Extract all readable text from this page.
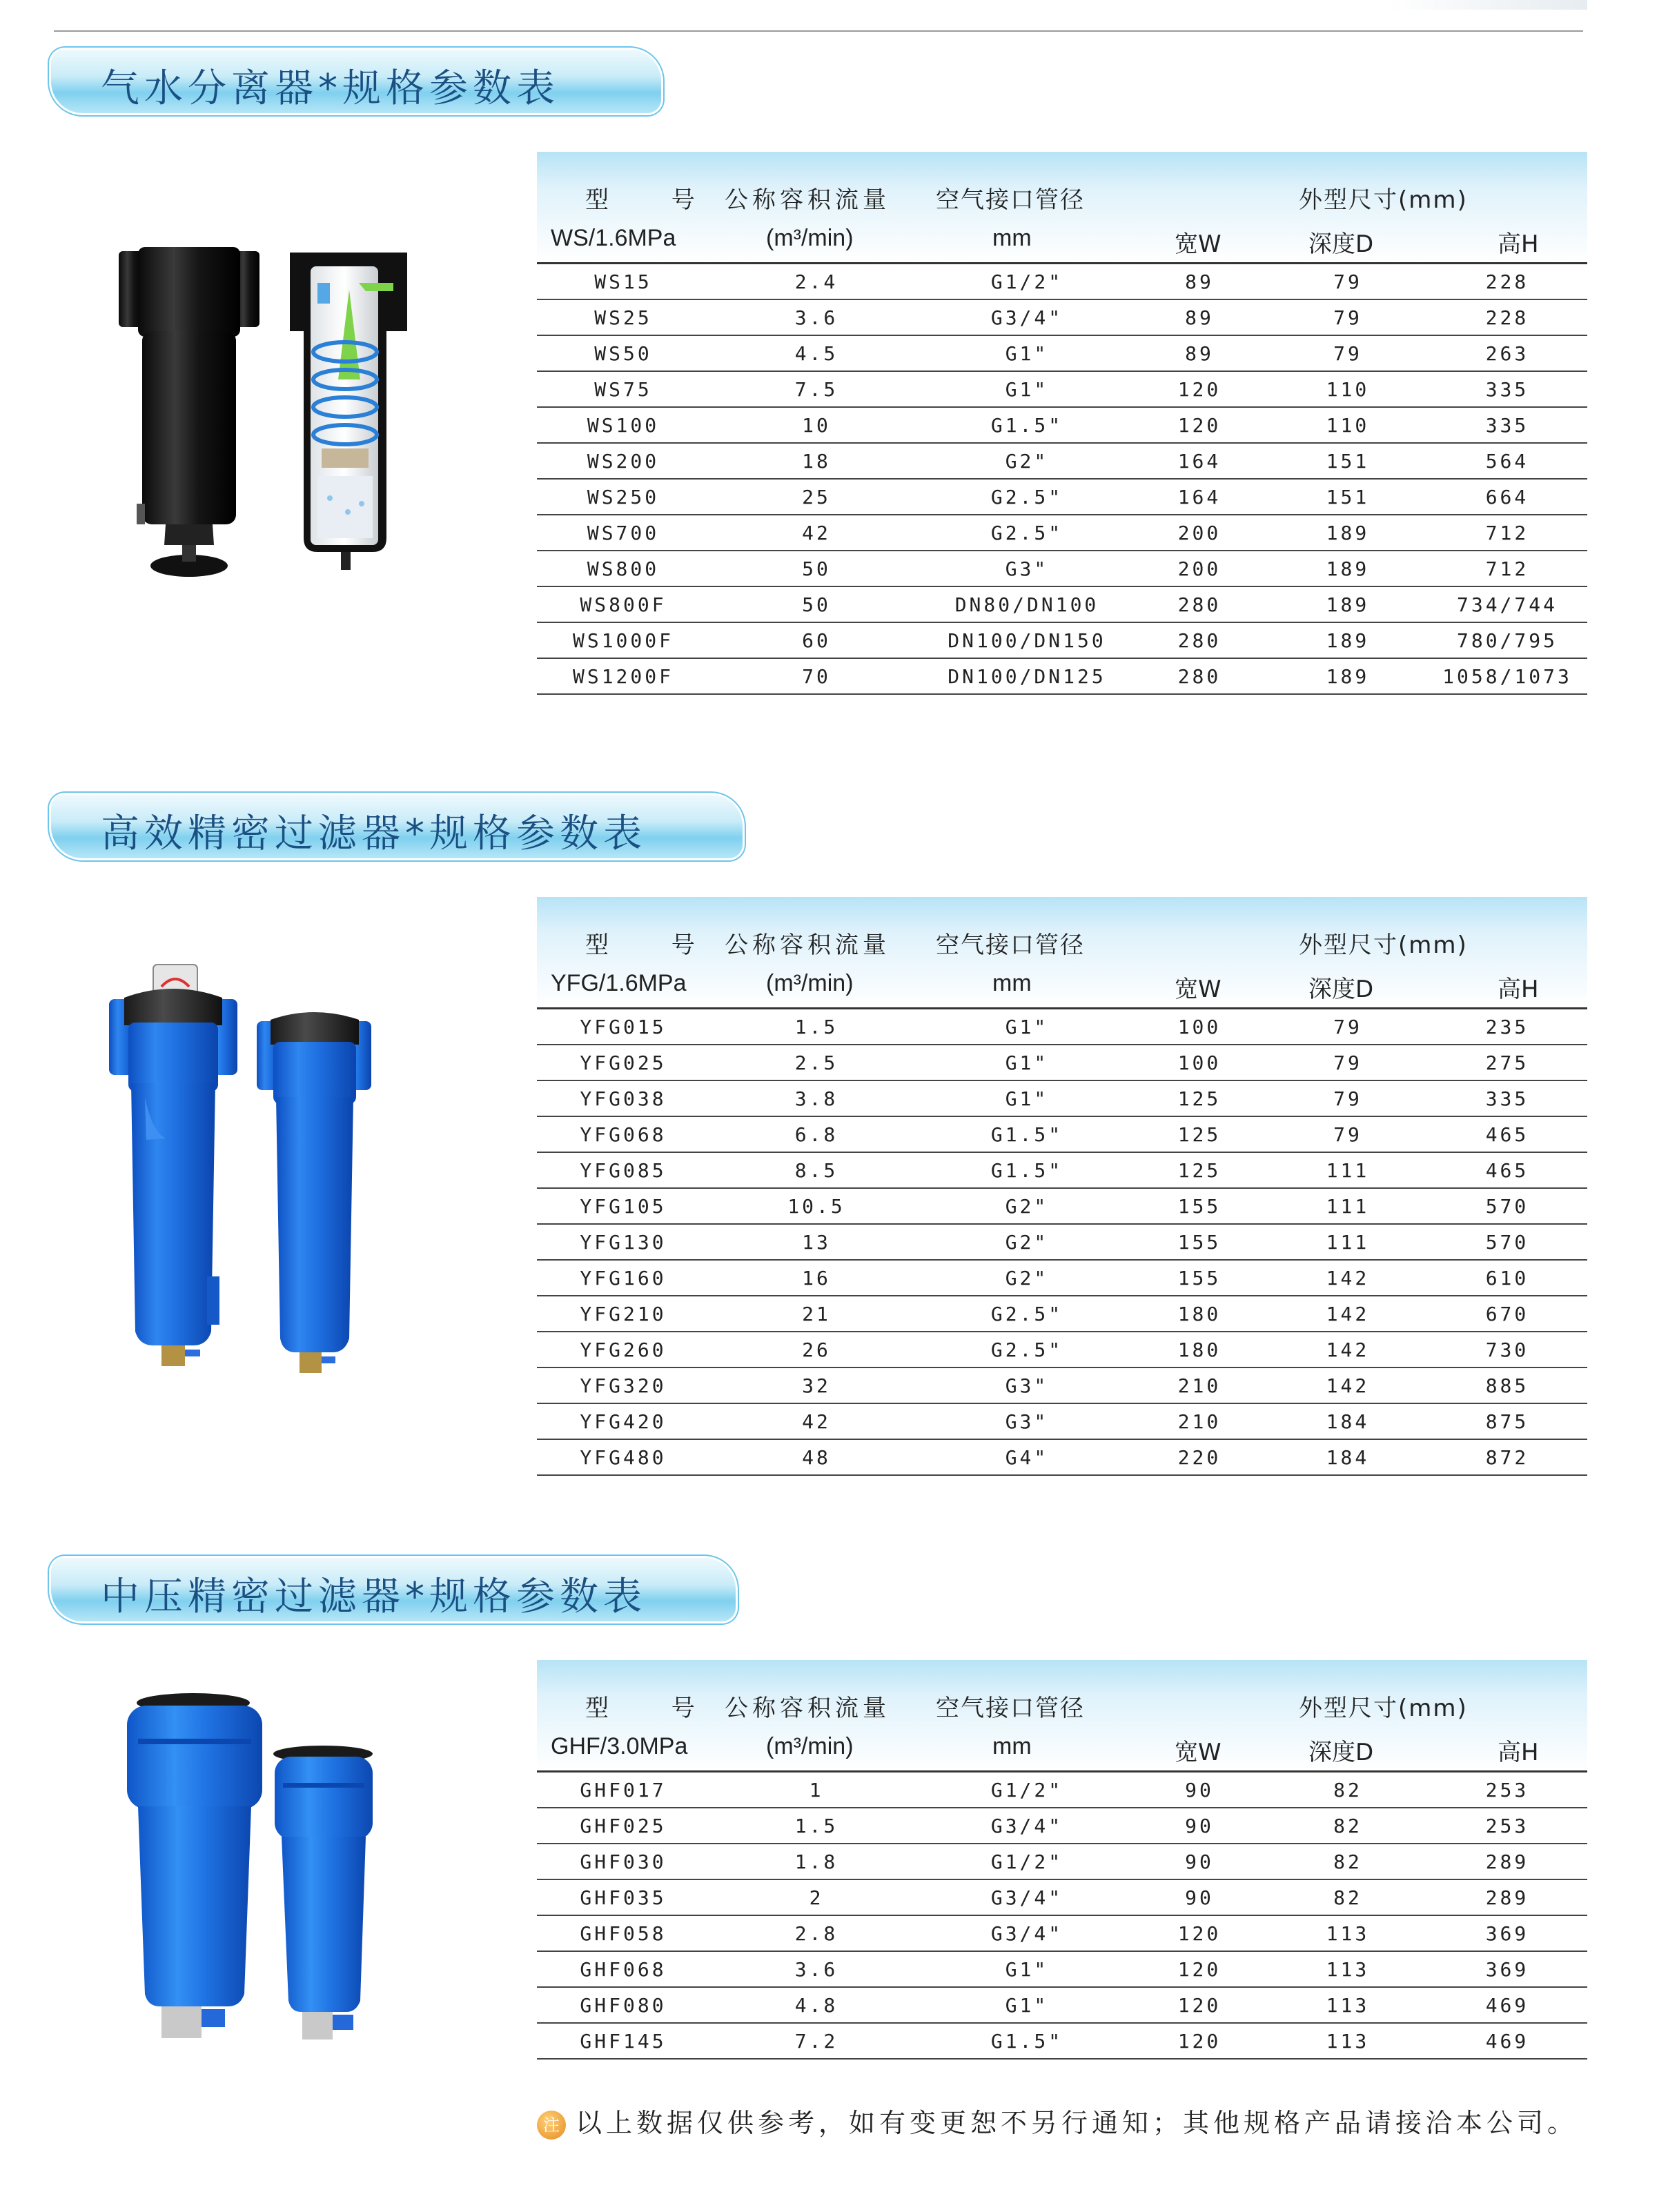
气水分离器*规格参数表
型 号 公称容积流量 空气接口管径	外型尺寸(mm)
WS/1.6MPa	(m³/min)	mm	宽W	深度D	高H
WS15	2.4	G1/2"	89	79	228
WS25	3.6	G3/4"	89	79	228
WS50	4.5	G1"	89	79	263
WS75	7.5	G1"	120	110	335
WS100	10	G1.5"	120	110	335
WS200	18	G2"	164	151	564
WS250	25	G2.5"	164	151	664
WS700	42	G2.5"	200	189	712
WS800	50	G3"	200	189	712
WS800F	50	DN80/DN100	280	189	734/744
WS1000F	60	DN100/DN150	280	189	780/795
WS1200F	70	DN100/DN125	280	189	1058/1073
高效精密过滤器*规格参数表
型 号 公称容积流量 空气接口管径	外型尺寸(mm)
YFG/1.6MPa	(m³/min)	mm	宽W	深度D	高H
YFG015	1.5	G1"	100	79	235
YFG025	2.5	G1"	100	79	275
YFG038	3.8	G1"	125	79	335
YFG068	6.8	G1.5"	125	79	465
YFG085	8.5	G1.5"	125	111	465
YFG105	10.5	G2"	155	111	570
YFG130	13	G2"	155	111	570
YFG160	16	G2"	155	142	610
YFG210	21	G2.5"	180	142	670
YFG260	26	G2.5"	180	142	730
YFG320	32	G3"	210	142	885
YFG420	42	G3"	210	184	875
YFG480	48	G4"	220	184	872
中压精密过滤器*规格参数表
型 号 公称容积流量 空气接口管径	外型尺寸(mm)
GHF/3.0MPa	(m³/min)	mm	宽W	深度D	高H
GHF017	1	G1/2"	90	82	253
GHF025	1.5	G3/4"	90	82	253
GHF030	1.8	G1/2"	90	82	289
GHF035	2	G3/4"	90	82	289
GHF058	2.8	G3/4"	120	113	369
GHF068	3.6	G1"	120	113	369
GHF080	4.8	G1"	120	113	469
GHF145	7.2	G1.5"	120	113	469
注 以上数据仅供参考，如有变更恕不另行通知；其他规格产品请接洽本公司。
